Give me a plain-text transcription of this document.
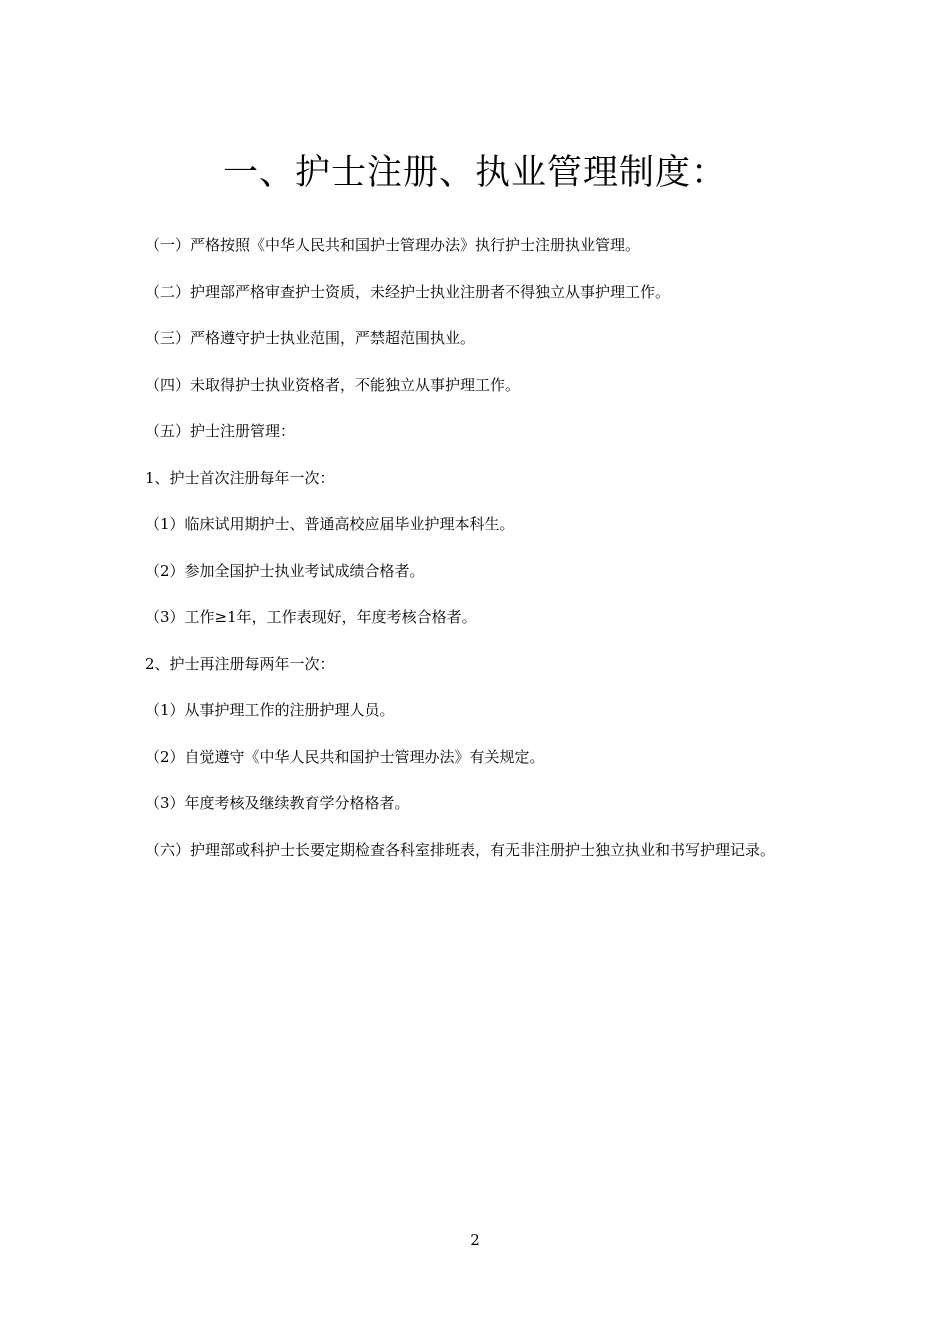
一、护士注册、执业管理制度：

（一）严格按照《中华人民共和国护士管理办法》执行护士注册执业管理。

（二）护理部严格审查护士资质，未经护士执业注册者不得独立从事护理工作。

（三）严格遵守护士执业范围，严禁超范围执业。

（四）未取得护士执业资格者，不能独立从事护理工作。

（五）护士注册管理：

1、护士首次注册每年一次：

（1）临床试用期护士、普通高校应届毕业护理本科生。

（2）参加全国护士执业考试成绩合格者。

（3）工作≥1年，工作表现好，年度考核合格者。

2、护士再注册每两年一次：

（1）从事护理工作的注册护理人员。

（2）自觉遵守《中华人民共和国护士管理办法》有关规定。

（3）年度考核及继续教育学分格格者。

（六）护理部或科护士长要定期检查各科室排班表，有无非注册护士独立执业和书写护理记录。

2
